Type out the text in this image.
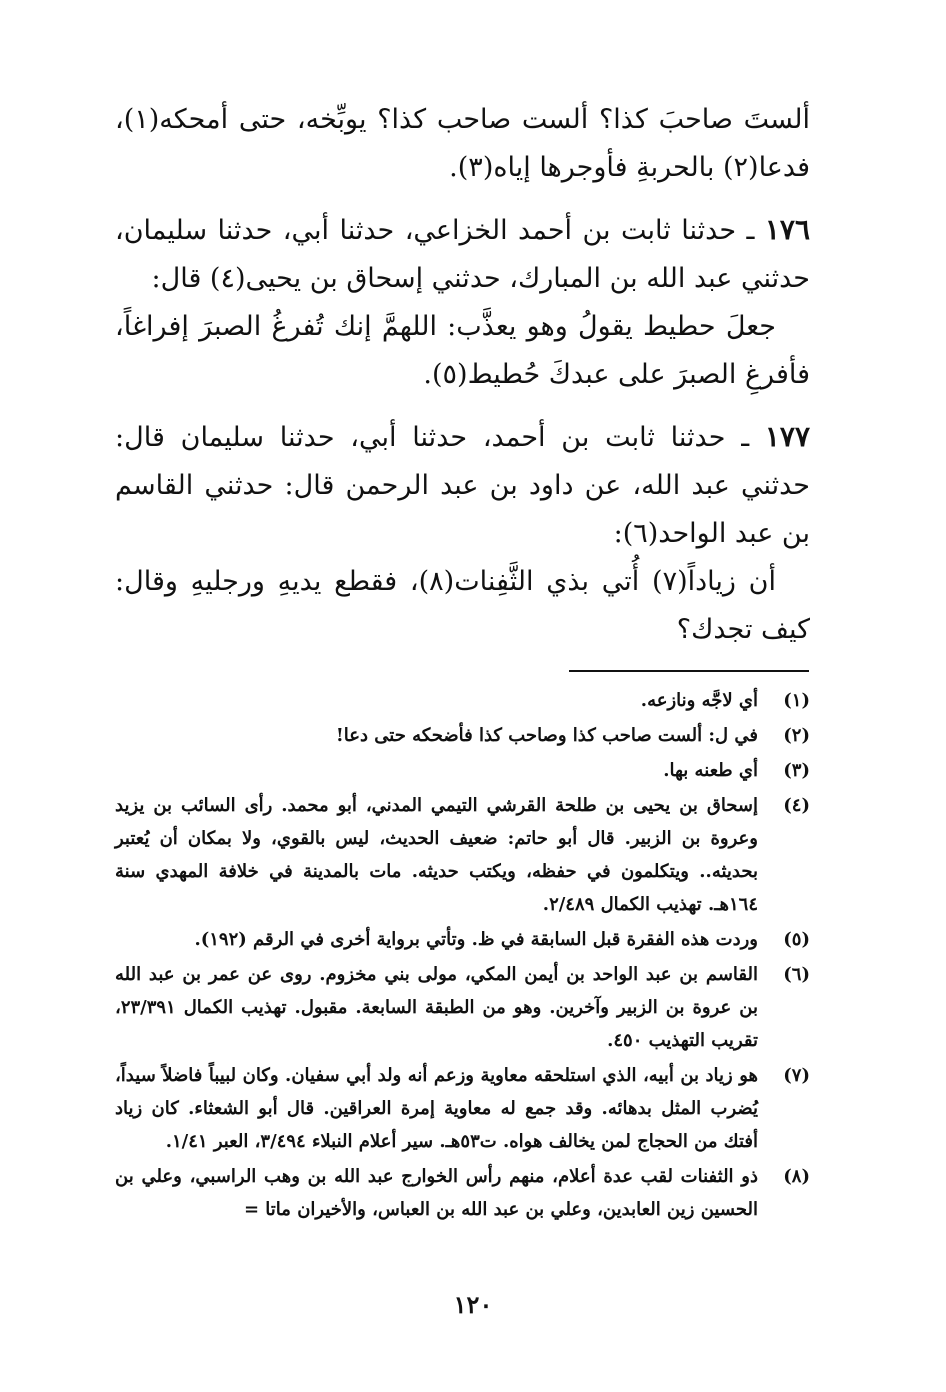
ألستَ صاحبَ كذا؟ ألست صاحب كذا؟ يوبِّخه، حتى أمحكه(١)، فدعا(٢) بالحربةِ فأوجرها إياه(٣).

١٧٦ ـ حدثنا ثابت بن أحمد الخزاعي، حدثنا أبي، حدثنا سليمان، حدثني عبد الله بن المبارك، حدثني إسحاق بن يحيى(٤) قال:

جعلَ حطيط يقولُ وهو يعذَّب: اللهمَّ إنك تُفرغُ الصبرَ إفراغاً، فأفرغِ الصبرَ على عبدكَ حُطيط(٥).

١٧٧ ـ حدثنا ثابت بن أحمد، حدثنا أبي، حدثنا سليمان قال: حدثني عبد الله، عن داود بن عبد الرحمن قال: حدثني القاسم بن عبد الواحد(٦):

أن زياداً(٧) أُتي بذي الثَّفِنات(٨)، فقطع يديهِ ورجليهِ وقال: كيف تجدك؟

(١)
أي لاجَّه ونازعه.
(٢)
في ل: ألست صاحب كذا وصاحب كذا فأضحكه حتى دعا!
(٣)
أي طعنه بها.
(٤)
إسحاق بن يحيى بن طلحة القرشي التيمي المدني، أبو محمد. رأى السائب بن يزيد وعروة بن الزبير. قال أبو حاتم: ضعيف الحديث، ليس بالقوي، ولا بمكان أن يُعتبر بحديثه.. ويتكلمون في حفظه، ويكتب حديثه. مات بالمدينة في خلافة المهدي سنة ١٦٤هـ. تهذيب الكمال ٢/٤٨٩.
(٥)
وردت هذه الفقرة قبل السابقة في ظ. وتأتي برواية أخرى في الرقم (١٩٢).
(٦)
القاسم بن عبد الواحد بن أيمن المكي، مولى بني مخزوم. روى عن عمر بن عبد الله بن عروة بن الزبير وآخرين. وهو من الطبقة السابعة. مقبول. تهذيب الكمال ٢٣/٣٩١، تقريب التهذيب ٤٥٠.
(٧)
هو زياد بن أبيه، الذي استلحقه معاوية وزعم أنه ولد أبي سفيان. وكان لبيباً فاضلاً سيداً، يُضرب المثل بدهائه. وقد جمع له معاوية إمرة العراقين. قال أبو الشعثاء. كان زياد أفتك من الحجاج لمن يخالف هواه. ت٥٣هـ. سير أعلام النبلاء ٣/٤٩٤، العبر ١/٤١.
(٨)
ذو الثفنات لقب عدة أعلام، منهم رأس الخوارج عبد الله بن وهب الراسبي، وعلي بن الحسين زين العابدين، وعلي بن عبد الله بن العباس، والأخيران ماتا =
١٢٠
